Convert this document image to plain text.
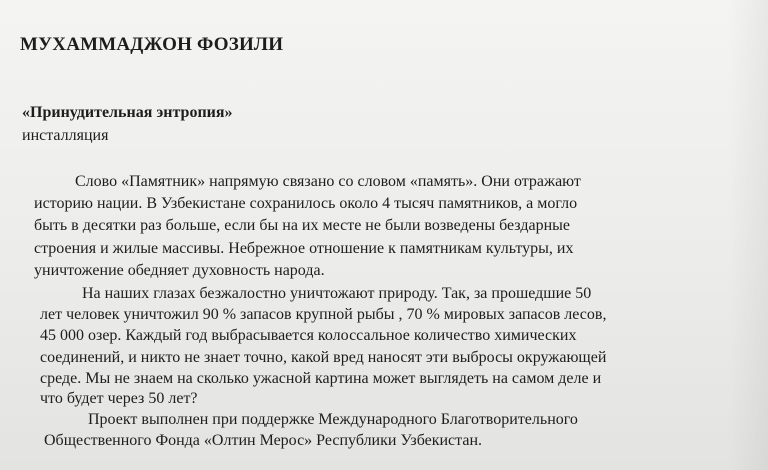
МУХАММАДЖОН ФОЗИЛИ
«Принудительная энтропия»
инсталляция
Слово «Памятник» напрямую связано со словом «память». Они отражают
историю нации. В Узбекистане сохранилось около 4 тысяч памятников, а могло
быть в десятки раз больше, если бы на их месте не были возведены бездарные
строения и жилые массивы. Небрежное отношение к памятникам культуры, их
уничтожение обедняет духовность народа.
На наших глазах безжалостно уничтожают природу. Так, за прошедшие 50
лет человек уничтожил 90 % запасов крупной рыбы , 70 % мировых запасов лесов,
45 000 озер. Каждый год выбрасывается колоссальное количество химических
соединений, и никто не знает точно, какой вред наносят эти выбросы окружающей
среде. Мы не знаем на сколько ужасной картина может выглядеть на самом деле и
что будет через 50 лет?
Проект выполнен при поддержке Международного Благотворительного
Общественного Фонда «Олтин Мерос» Республики Узбекистан.
